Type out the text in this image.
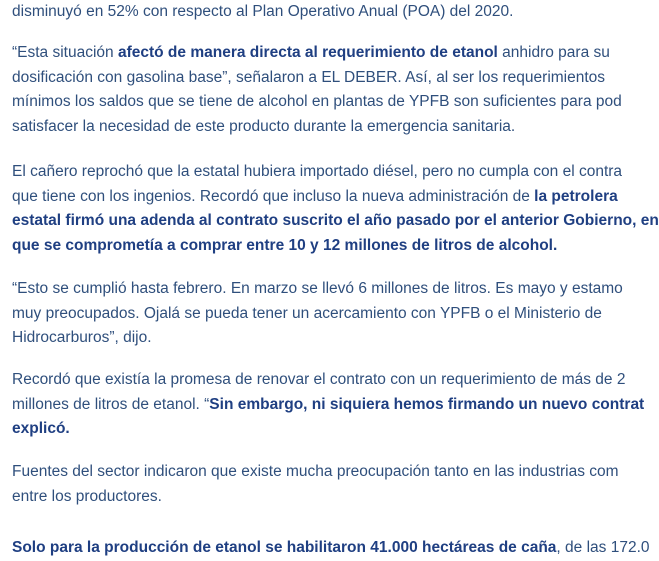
disminuyó en 52% con respecto al Plan Operativo Anual (POA) del 2020.

“Esta situación afectó de manera directa al requerimiento de etanol anhidro para su
dosificación con gasolina base”, señalaron a EL DEBER. Así, al ser los requerimientos
mínimos los saldos que se tiene de alcohol en plantas de YPFB son suficientes para pod
satisfacer la necesidad de este producto durante la emergencia sanitaria.

El cañero reprochó que la estatal hubiera importado diésel, pero no cumpla con el contra
que tiene con los ingenios. Recordó que incluso la nueva administración de la petrolera
estatal firmó una adenda al contrato suscrito el año pasado por el anterior Gobierno, en
que se comprometía a comprar entre 10 y 12 millones de litros de alcohol.

“Esto se cumplió hasta febrero. En marzo se llevó 6 millones de litros. Es mayo y estamo
muy preocupados. Ojalá se pueda tener un acercamiento con YPFB o el Ministerio de
Hidrocarburos”, dijo.

Recordó que existía la promesa de renovar el contrato con un requerimiento de más de 2
millones de litros de etanol. “Sin embargo, ni siquiera hemos firmando un nuevo contrat
explicó.

Fuentes del sector indicaron que existe mucha preocupación tanto en las industrias com
entre los productores.

Solo para la producción de etanol se habilitaron 41.000 hectáreas de caña, de las 172.0
